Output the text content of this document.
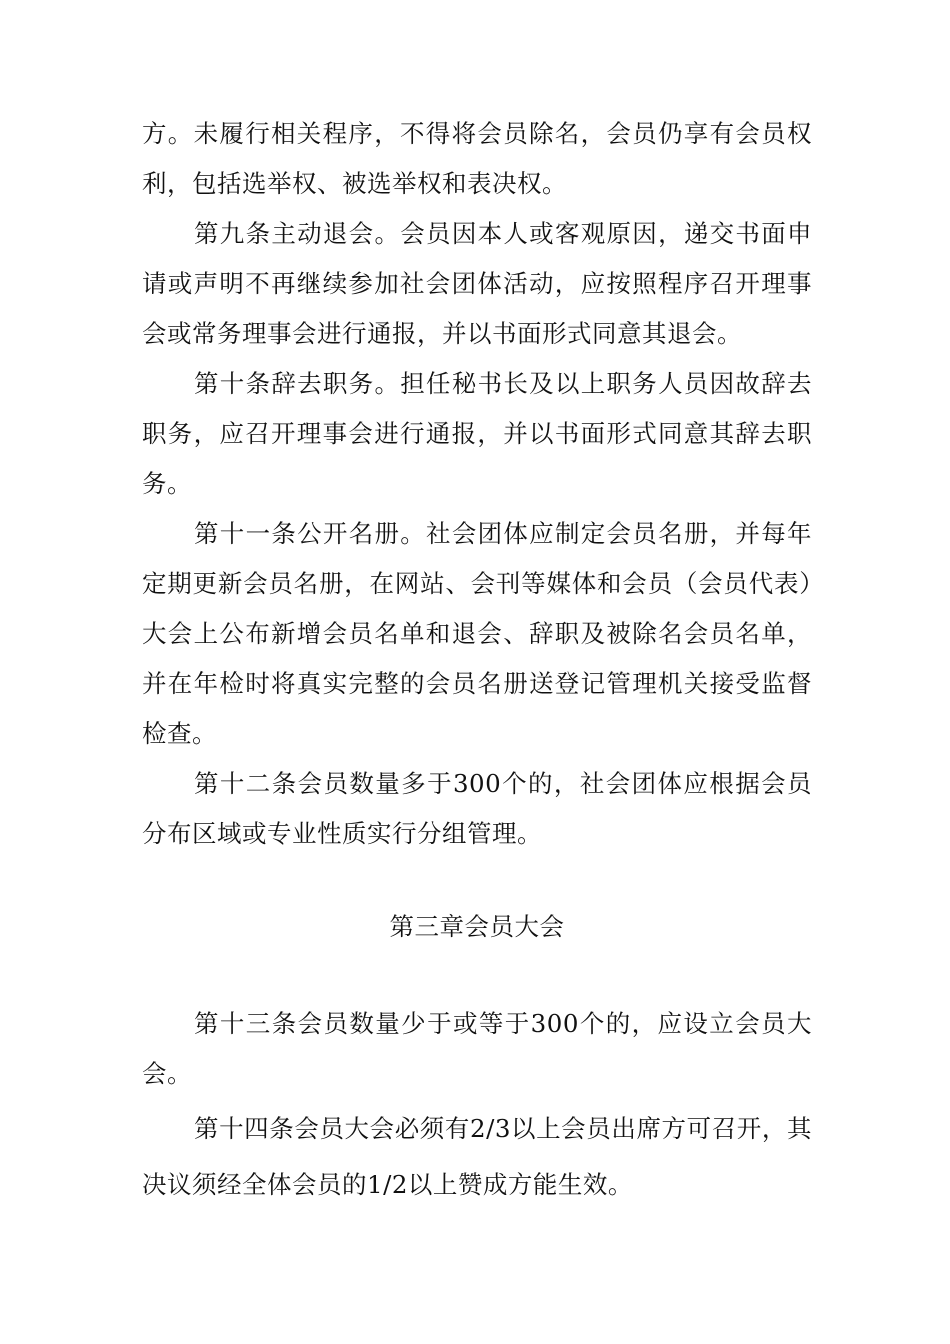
方。未履行相关程序，不得将会员除名，会员仍享有会员权利，包括选举权、被选举权和表决权。

第九条主动退会。会员因本人或客观原因，递交书面申请或声明不再继续参加社会团体活动，应按照程序召开理事会或常务理事会进行通报，并以书面形式同意其退会。

第十条辞去职务。担任秘书长及以上职务人员因故辞去职务，应召开理事会进行通报，并以书面形式同意其辞去职务。

第十一条公开名册。社会团体应制定会员名册，并每年定期更新会员名册，在网站、会刊等媒体和会员（会员代表）大会上公布新增会员名单和退会、辞职及被除名会员名单，并在年检时将真实完整的会员名册送登记管理机关接受监督检查。

第十二条会员数量多于300个的，社会团体应根据会员分布区域或专业性质实行分组管理。

第三章会员大会

第十三条会员数量少于或等于300个的，应设立会员大会。

第十四条会员大会必须有2/3以上会员出席方可召开，其决议须经全体会员的1/2以上赞成方能生效。
